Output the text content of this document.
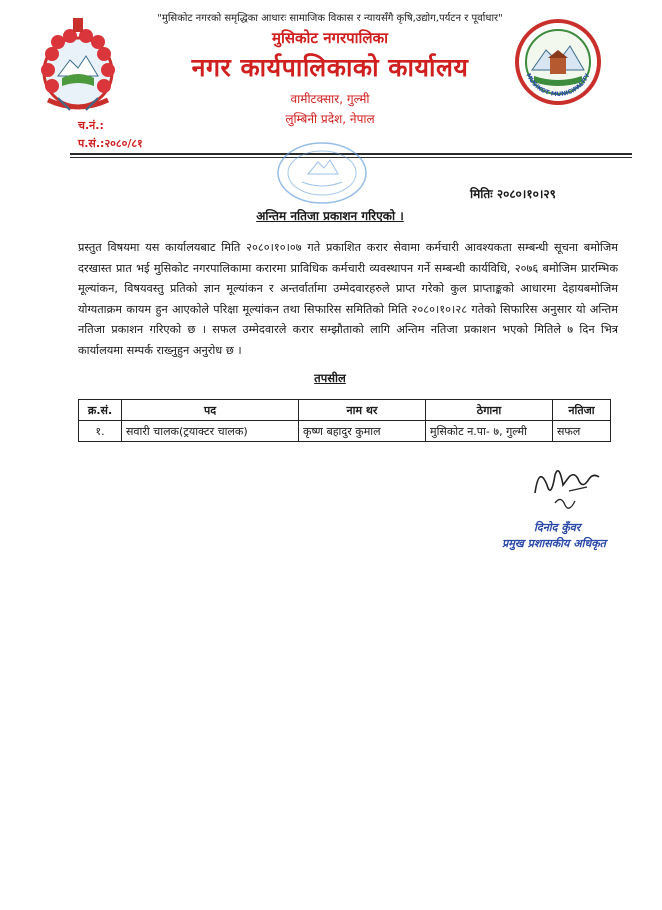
MUSIKOT MUNICIPALITY
"मुसिकोट नगरको समृद्धिका आधारः सामाजिक विकास र न्यायसँगै कृषि,उद्योग,पर्यटन र पूर्वाधार"
मुसिकोट नगरपालिका
नगर कार्यपालिकाको कार्यालय
वामीटक्सार, गुल्मी
लुम्बिनी प्रदेश, नेपाल
च.नं.:
प.सं.:२०८०/८१
मितिः २०८०।१०।२९
अन्तिम नतिजा प्रकाशन गरिएको ।
प्रस्तुत विषयमा यस कार्यालयबाट मिति २०८०।१०।०७ गते प्रकाशित करार सेवामा कर्मचारी आवश्यकता सम्बन्धी सूचना बमोजिम दरखास्त प्रात भई मुसिकोट नगरपालिकामा करारमा प्राविधिक कर्मचारी व्यवस्थापन गर्ने सम्बन्धी कार्यविधि, २०७६ बमोजिम प्रारम्भिक मूल्यांकन, विषयवस्तु प्रतिको ज्ञान मूल्यांकन र अन्तर्वार्तामा उम्मेदवारहरुले प्राप्त गरेको कुल प्राप्ताङ्कको आधारमा देहायबमोजिम योग्यताक्रम कायम हुन आएकोले परिक्षा मूल्यांकन तथा सिफारिस समितिको मिति २०८०।१०।२८ गतेको सिफारिस अनुसार यो अन्तिम नतिजा प्रकाशन गरिएको छ । सफल उम्मेदवारले करार सम्झौताको लागि अन्तिम नतिजा प्रकाशन भएको मितिले ७ दिन भित्र कार्यालयमा सम्पर्क राख्नुहुन अनुरोध छ ।
तपसील
क्र.सं.	पद	नाम थर	ठेगाना	नतिजा
१.	सवारी चालक(ट्रयाक्टर चालक)	कृष्ण बहादुर कुमाल	मुसिकोट न.पा- ७, गुल्मी	सफल
दिनोद कुँवर
प्रमुख प्रशासकीय अधिकृत
